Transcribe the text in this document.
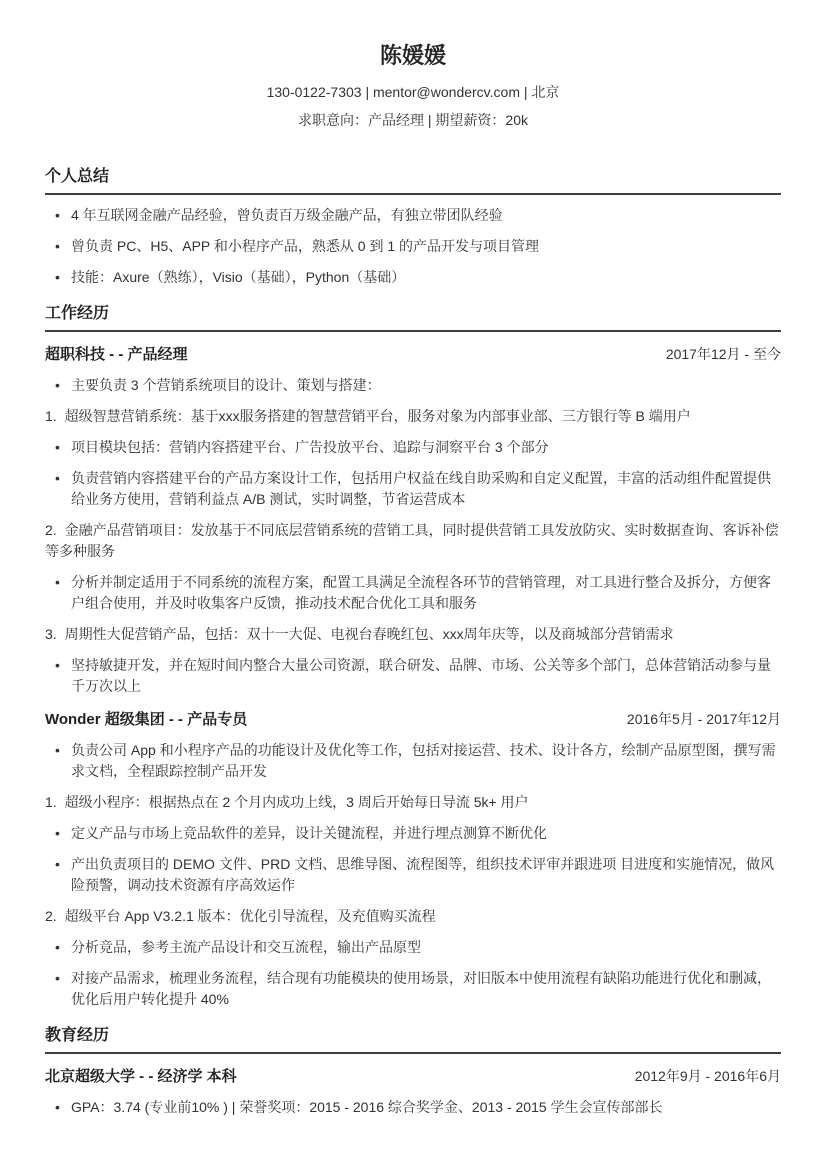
陈媛媛
130-0122-7303 | mentor@wondercv.com | 北京
求职意向：产品经理 | 期望薪资：20k
个人总结
• 4 年互联网金融产品经验，曾负责百万级金融产品，有独立带团队经验
• 曾负责 PC、H5、APP 和小程序产品，熟悉从 0 到 1 的产品开发与项目管理
• 技能：Axure（熟练），Visio（基础），Python（基础）
工作经历
超职科技 - - 产品经理	2017年12月 - 至今
• 主要负责 3 个营销系统项目的设计、策划与搭建：
1. 超级智慧营销系统：基于xxx服务搭建的智慧营销平台，服务对象为内部事业部、三方银行等 B 端用户
• 项目模块包括：营销内容搭建平台、广告投放平台、追踪与洞察平台 3 个部分
• 负责营销内容搭建平台的产品方案设计工作，包括用户权益在线自助采购和自定义配置，丰富的活动组件配置提供给业务方使用，营销利益点 A/B 测试，实时调整，节省运营成本
2. 金融产品营销项目：发放基于不同底层营销系统的营销工具，同时提供营销工具发放防灾、实时数据查询、客诉补偿等多种服务
• 分析并制定适用于不同系统的流程方案，配置工具满足全流程各环节的营销管理，对工具进行整合及拆分，方便客户组合使用，并及时收集客户反馈，推动技术配合优化工具和服务
3. 周期性大促营销产品，包括：双十一大促、电视台春晚红包、xxx周年庆等，以及商城部分营销需求
• 坚持敏捷开发，并在短时间内整合大量公司资源，联合研发、品牌、市场、公关等多个部门，总体营销活动参与量千万次以上
Wonder 超级集团 - - 产品专员	2016年5月 - 2017年12月
• 负责公司 App 和小程序产品的功能设计及优化等工作，包括对接运营、技术、设计各方，绘制产品原型图，撰写需求文档，全程跟踪控制产品开发
1. 超级小程序：根据热点在 2 个月内成功上线，3 周后开始每日导流 5k+ 用户
• 定义产品与市场上竞品软件的差异，设计关键流程，并进行埋点测算不断优化
• 产出负责项目的 DEMO 文件、PRD 文档、思维导图、流程图等，组织技术评审并跟进项 目进度和实施情况，做风险预警，调动技术资源有序高效运作
2. 超级平台 App V3.2.1 版本：优化引导流程，及充值购买流程
• 分析竞品，参考主流产品设计和交互流程，输出产品原型
• 对接产品需求，梳理业务流程，结合现有功能模块的使用场景，对旧版本中使用流程有缺陷功能进行优化和删减，优化后用户转化提升 40%
教育经历
北京超级大学 - - 经济学 本科	2012年9月 - 2016年6月
• GPA：3.74 (专业前10% ) | 荣誉奖项：2015 - 2016 综合奖学金、2013 - 2015 学生会宣传部部长
